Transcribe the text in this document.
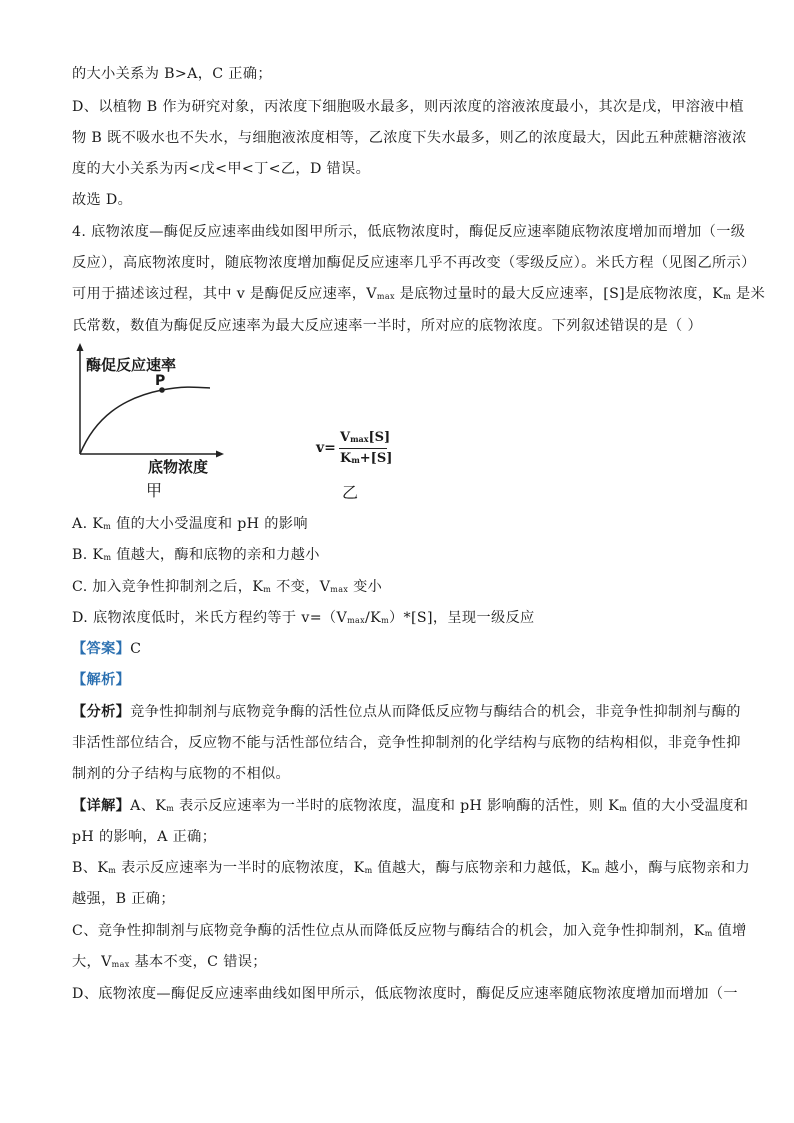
的大小关系为 B>A，C 正确；
D、以植物 B 作为研究对象，丙浓度下细胞吸水最多，则丙浓度的溶液浓度最小，其次是戊，甲溶液中植
物 B 既不吸水也不失水，与细胞液浓度相等，乙浓度下失水最多，则乙的浓度最大，因此五种蔗糖溶液浓
度的大小关系为丙<戊<甲<丁<乙，D 错误。
故选 D。
4. 底物浓度—酶促反应速率曲线如图甲所示，低底物浓度时，酶促反应速率随底物浓度增加而增加（一级
反应），高底物浓度时，随底物浓度增加酶促反应速率几乎不再改变（零级反应）。米氏方程（见图乙所示）
可用于描述该过程，其中 v 是酶促反应速率，Vmax 是底物过量时的最大反应速率，[S]是底物浓度，Km 是米
氏常数，数值为酶促反应速率为最大反应速率一半时，所对应的底物浓度。下列叙述错误的是（ ）
酶促反应速率
P
底物浓度
甲
v=
Vmax[S]
Km+[S]
乙
A. Km 值的大小受温度和 pH 的影响
B. Km 值越大，酶和底物的亲和力越小
C. 加入竞争性抑制剂之后，Km 不变，Vmax 变小
D. 底物浓度低时，米氏方程约等于 v=（Vmax/Km）*[S]，呈现一级反应
【答案】C
【解析】
【分析】竞争性抑制剂与底物竞争酶的活性位点从而降低反应物与酶结合的机会，非竞争性抑制剂与酶的
非活性部位结合，反应物不能与活性部位结合，竞争性抑制剂的化学结构与底物的结构相似，非竞争性抑
制剂的分子结构与底物的不相似。
【详解】A、Km 表示反应速率为一半时的底物浓度，温度和 pH 影响酶的活性，则 Km 值的大小受温度和
pH 的影响，A 正确；
B、Km 表示反应速率为一半时的底物浓度，Km 值越大，酶与底物亲和力越低，Km 越小，酶与底物亲和力
越强，B 正确；
C、竞争性抑制剂与底物竞争酶的活性位点从而降低反应物与酶结合的机会，加入竞争性抑制剂，Km 值增
大，Vmax 基本不变，C 错误；
D、底物浓度—酶促反应速率曲线如图甲所示，低底物浓度时，酶促反应速率随底物浓度增加而增加（一
